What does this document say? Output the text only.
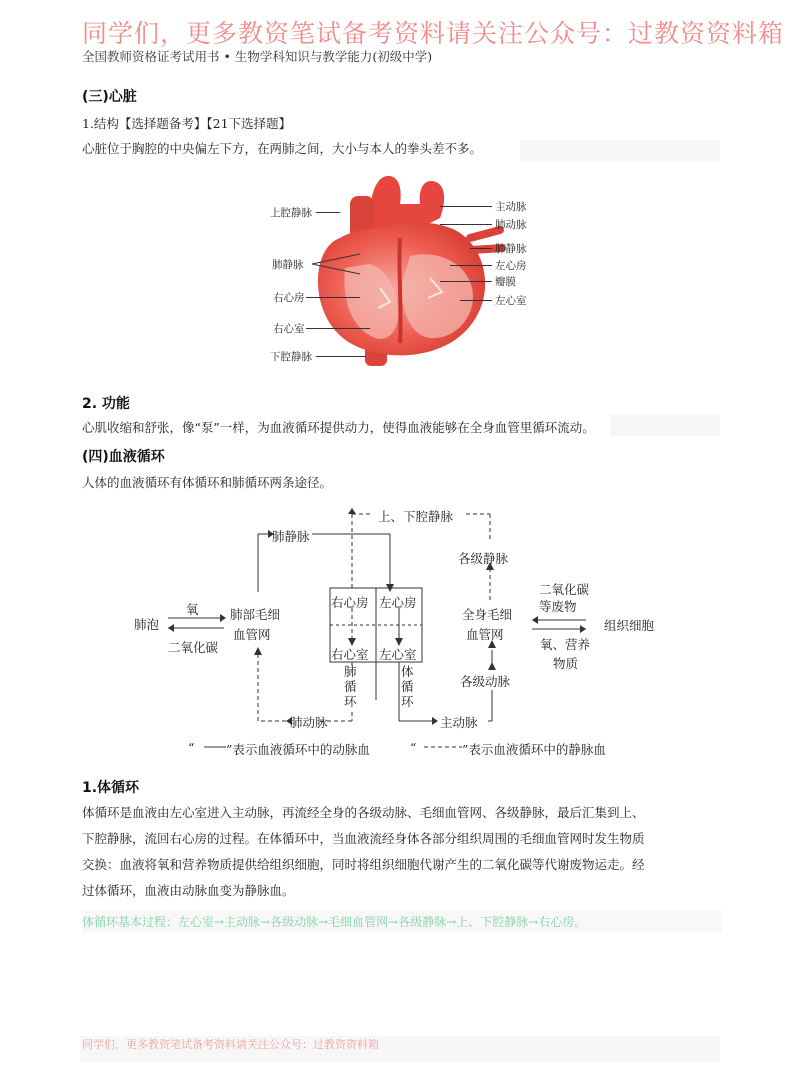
同学们，更多教资笔试备考资料请关注公众号：过教资资料箱
全国教师资格证考试用书 • 生物学科知识与教学能力(初级中学)
(三)心脏
1.结构【选择题备考】【21下选择题】
心脏位于胸腔的中央偏左下方，在两肺之间，大小与本人的拳头差不多。
上腔静脉
肺静脉
右心房
右心室
下腔静脉
主动脉
肺动脉
肺静脉
左心房
瓣膜
左心室
2. 功能
心肌收缩和舒张，像“泵”一样，为血液循环提供动力，使得血液能够在全身血管里循环流动。
(四)血液循环
人体的血液循环有体循环和肺循环两条途径。
上、下腔静脉
肺静脉
各级静脉
肺泡
氧
二氧化碳
肺部毛细
血管网
右心房 左心房
右心室 左心室
肺
循
环
体
循
环
全身毛细
血管网
二氧化碳
等废物
氧、营养
物质
组织细胞
各级动脉
肺动脉	主动脉
“	”表示血液循环中的动脉血	“	”表示血液循环中的静脉血
1.体循环
体循环是血液由左心室进入主动脉，再流经全身的各级动脉、毛细血管网、各级静脉，最后汇集到上、
下腔静脉，流回右心房的过程。在体循环中，当血液流经身体各部分组织周围的毛细血管网时发生物质
交换：血液将氧和营养物质提供给组织细胞，同时将组织细胞代谢产生的二氧化碳等代谢废物运走。经
过体循环，血液由动脉血变为静脉血。
体循环基本过程：左心室→主动脉→各级动脉→毛细血管网→各级静脉→上、下腔静脉→右心房。
同学们，更多教资笔试备考资料请关注公众号：过教资资料箱
